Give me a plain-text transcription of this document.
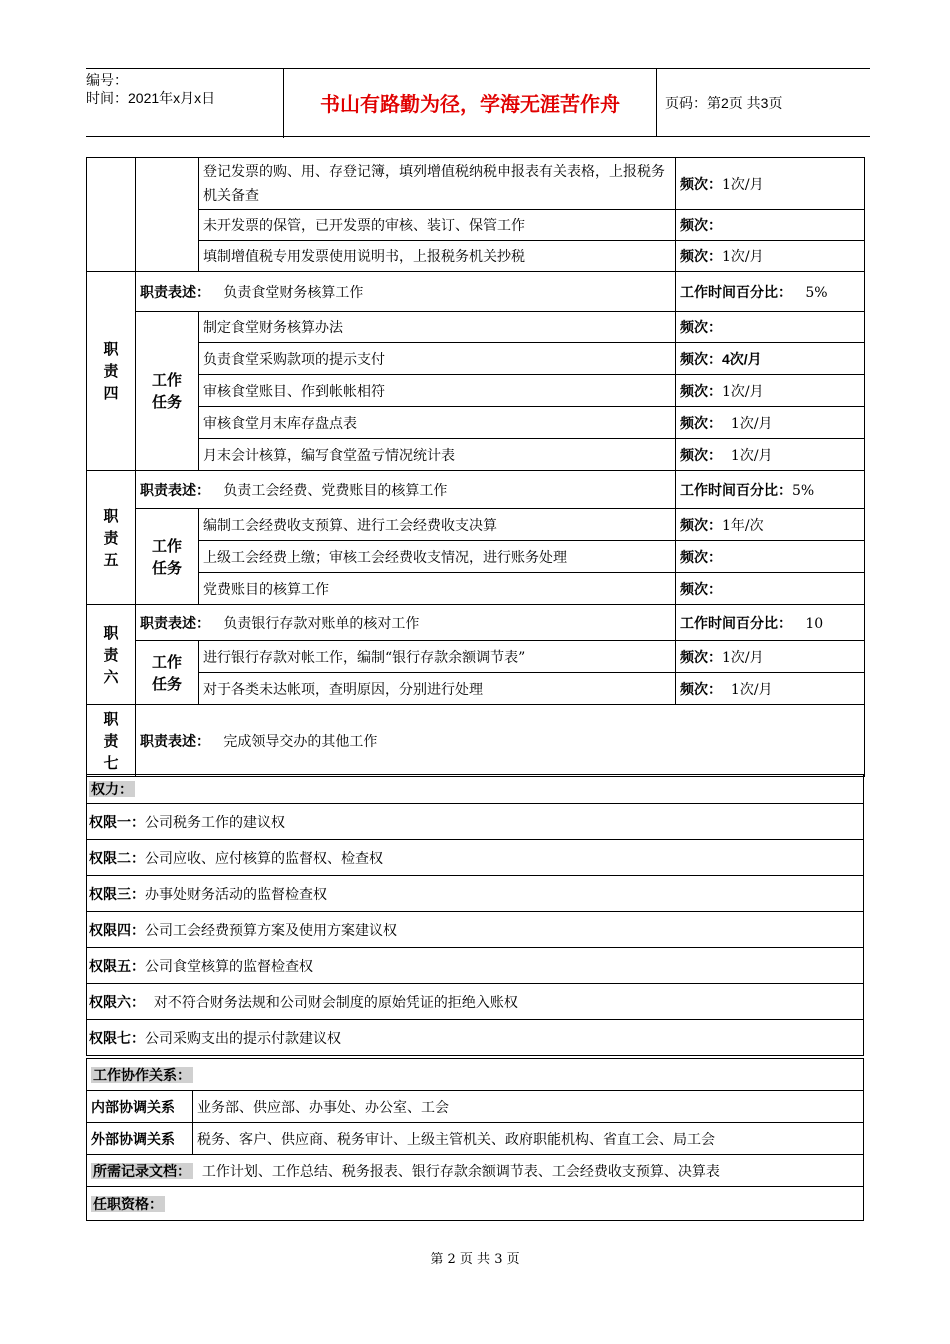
编号：
时间：2021年x月x日	书山有路勤为径，学海无涯苦作舟	页码：第2页 共3页
		登记发票的购、用、存登记簿，填列增值税纳税申报表有关表格，上报税务机关备查	频次：1次/月
		未开发票的保管，已开发票的审核、装订、保管工作	频次：
		填制增值税专用发票使用说明书，上报税务机关抄税	频次：1次/月

职责四	职责表述： 负责食堂财务核算工作		工作时间百分比： 5%

	工作任务	制定食堂财务核算办法	频次：
		负责食堂采购款项的提示支付	频次：4次/月
		审核食堂账目、作到帐帐相符	频次：1次/月
		审核食堂月末库存盘点表	频次： 1次/月
		月末会计核算，编写食堂盈亏情况统计表	频次： 1次/月

职责五	职责表述： 负责工会经费、党费账目的核算工作		工作时间百分比：5%

	工作任务	编制工会经费收支预算、进行工会经费收支决算	频次：1年/次
		上级工会经费上缴；审核工会经费收支情况，进行账务处理	频次：
		党费账目的核算工作	频次：

职责六	职责表述： 负责银行存款对账单的核对工作		工作时间百分比： 10

	工作任务	进行银行存款对帐工作，编制“银行存款余额调节表”	频次：1次/月
		对于各类未达帐项，查明原因，分别进行处理	频次： 1次/月

职责七	职责表述： 完成领导交办的其他工作		
权力：
权限一：公司税务工作的建议权
权限二：公司应收、应付核算的监督权、检查权
权限三：办事处财务活动的监督检查权
权限四：公司工会经费预算方案及使用方案建议权
权限五：公司食堂核算的监督检查权
权限六： 对不符合财务法规和公司财会制度的原始凭证的拒绝入账权
权限七：公司采购支出的提示付款建议权
工作协作关系：	
内部协调关系	业务部、供应部、办事处、办公室、工会
外部协调关系	税务、客户、供应商、税务审计、上级主管机关、政府职能机构、省直工会、局工会
所需记录文档： 工作计划、工作总结、税务报表、银行存款余额调节表、工会经费收支预算、决算表	
任职资格：	
第 2 页 共 3 页
